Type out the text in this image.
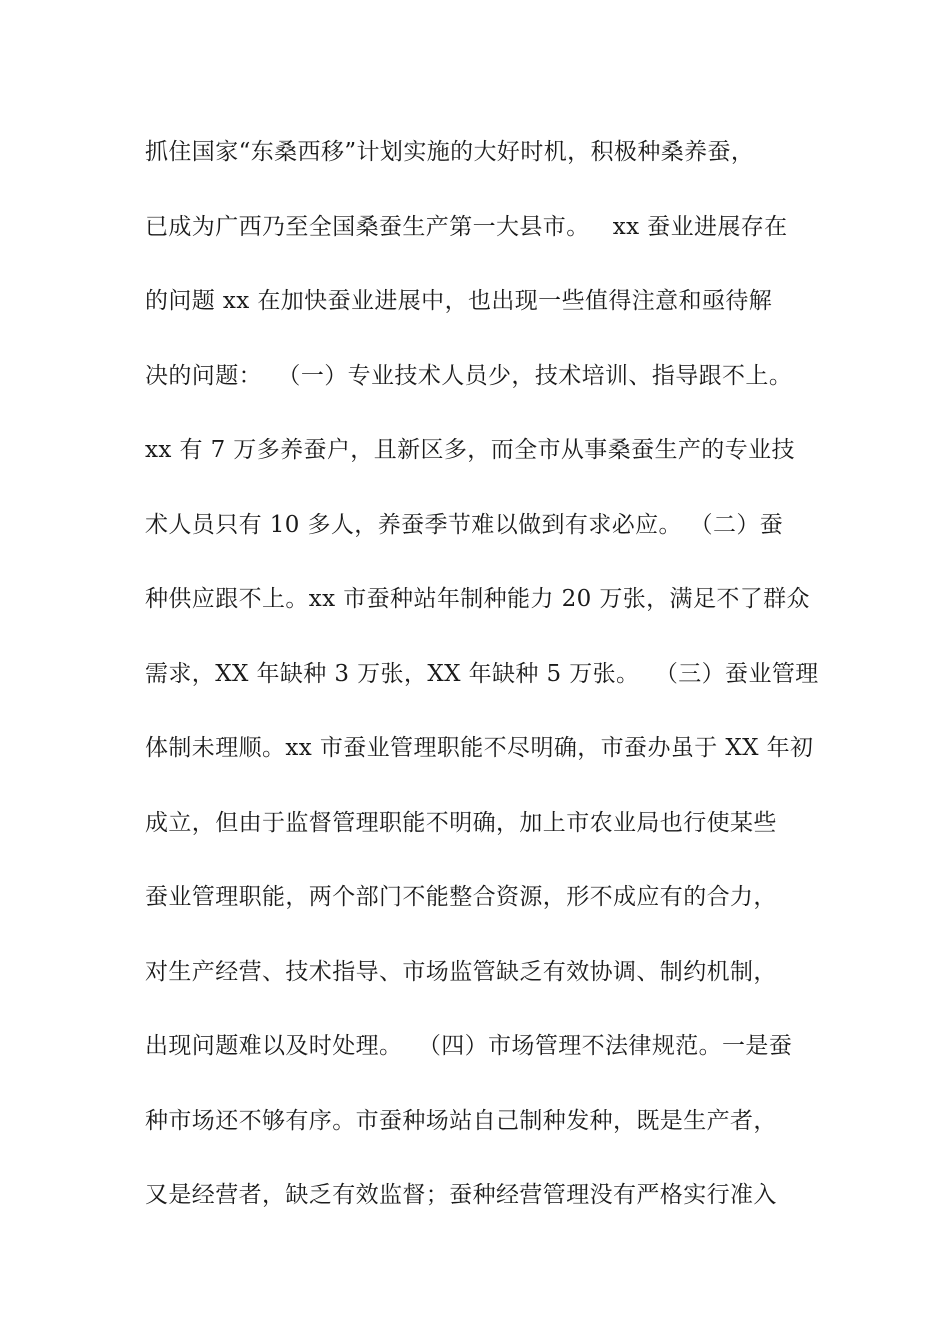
抓住国家“东桑西移”计划实施的大好时机，积极种桑养蚕，
已成为广西乃至全国桑蚕生产第一大县市。   xx 蚕业进展存在
的问题 xx 在加快蚕业进展中，也出现一些值得注意和亟待解
决的问题：  （一）专业技术人员少，技术培训、指导跟不上。
xx 有 7 万多养蚕户，且新区多，而全市从事桑蚕生产的专业技
术人员只有 10 多人，养蚕季节难以做到有求必应。 （二）蚕
种供应跟不上。xx 市蚕种站年制种能力 20 万张，满足不了群众
需求，XX 年缺种 3 万张，XX 年缺种 5 万张。  （三）蚕业管理
体制未理顺。xx 市蚕业管理职能不尽明确，市蚕办虽于 XX 年初
成立，但由于监督管理职能不明确，加上市农业局也行使某些
蚕业管理职能，两个部门不能整合资源，形不成应有的合力，
对生产经营、技术指导、市场监管缺乏有效协调、制约机制，
出现问题难以及时处理。  （四）市场管理不法律规范。一是蚕
种市场还不够有序。市蚕种场站自己制种发种，既是生产者，
又是经营者，缺乏有效监督；蚕种经营管理没有严格实行准入
